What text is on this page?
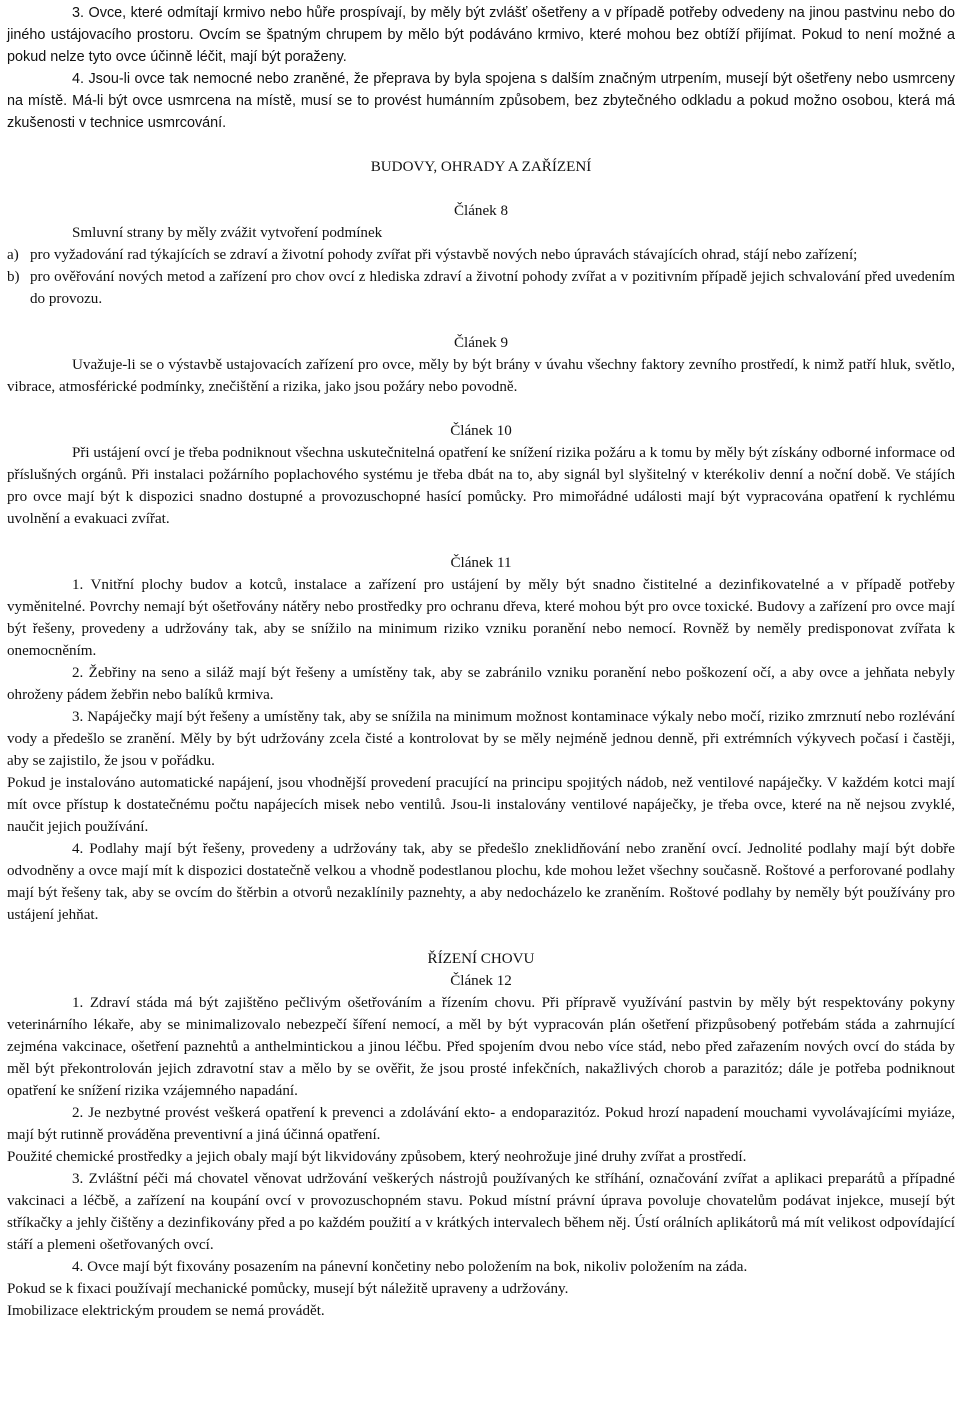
3. Ovce, které odmítají krmivo nebo hůře prospívají, by měly být zvlášť ošetřeny a v případě potřeby odvedeny na jinou pastvinu nebo do jiného ustájovacího prostoru. Ovcím se špatným chrupem by mělo být podáváno krmivo, které mohou bez obtíží přijímat. Pokud to není možné a pokud nelze tyto ovce účinně léčit, mají být poraženy.

4. Jsou-li ovce tak nemocné nebo zraněné, že přeprava by byla spojena s dalším značným utrpením, musejí být ošetřeny nebo usmrceny na místě. Má-li být ovce usmrcena na místě, musí se to provést humánním způsobem, bez zbytečného odkladu a pokud možno osobou, která má zkušenosti v technice usmrcování.

BUDOVY, OHRADY A ZAŘÍZENÍ

Článek 8

Smluvní strany by měly zvážit vytvoření podmínek

a) pro vyžadování rad týkajících se zdraví a životní pohody zvířat při výstavbě nových nebo úpravách stávajících ohrad, stájí nebo zařízení;
b) pro ověřování nových metod a zařízení pro chov ovcí z hlediska zdraví a životní pohody zvířat a v pozitivním případě jejich schvalování před uvedením do provozu.

Článek 9

Uvažuje-li se o výstavbě ustajovacích zařízení pro ovce, měly by být brány v úvahu všechny faktory zevního prostředí, k nimž patří hluk, světlo, vibrace, atmosférické podmínky, znečištění a rizika, jako jsou požáry nebo povodně.

Článek 10

Při ustájení ovcí je třeba podniknout všechna uskutečnitelná opatření ke snížení rizika požáru a k tomu by měly být získány odborné informace od příslušných orgánů. Při instalaci požárního poplachového systému je třeba dbát na to, aby signál byl slyšitelný v kterékoliv denní a noční době. Ve stájích pro ovce mají být k dispozici snadno dostupné a provozuschopné hasící pomůcky. Pro mimořádné události mají být vypracována opatření k rychlému uvolnění a evakuaci zvířat.

Článek 11

1. Vnitřní plochy budov a kotců, instalace a zařízení pro ustájení by měly být snadno čistitelné a dezinfikovatelné a v případě potřeby vyměnitelné. Povrchy nemají být ošetřovány nátěry nebo prostředky pro ochranu dřeva, které mohou být pro ovce toxické. Budovy a zařízení pro ovce mají být řešeny, provedeny a udržovány tak, aby se snížilo na minimum riziko vzniku poranění nebo nemocí. Rovněž by neměly predisponovat zvířata k onemocněním.

2. Žebřiny na seno a siláž mají být řešeny a umístěny tak, aby se zabránilo vzniku poranění nebo poškození očí, a aby ovce a jehňata nebyly ohroženy pádem žebřin nebo balíků krmiva.

3. Napáječky mají být řešeny a umístěny tak, aby se snížila na minimum možnost kontaminace výkaly nebo močí, riziko zmrznutí nebo rozlévání vody a předešlo se zranění. Měly by být udržovány zcela čisté a kontrolovat by se měly nejméně jednou denně, při extrémních výkyvech počasí i častěji, aby se zajistilo, že jsou v pořádku.

Pokud je instalováno automatické napájení, jsou vhodnější provedení pracující na principu spojitých nádob, než ventilové napáječky. V každém kotci mají mít ovce přístup k dostatečnému počtu napájecích misek nebo ventilů. Jsou-li instalovány ventilové napáječky, je třeba ovce, které na ně nejsou zvyklé, naučit jejich používání.

4. Podlahy mají být řešeny, provedeny a udržovány tak, aby se předešlo zneklidňování nebo zranění ovcí. Jednolité podlahy mají být dobře odvodněny a ovce mají mít k dispozici dostatečně velkou a vhodně podestlanou plochu, kde mohou ležet všechny současně. Roštové a perforované podlahy mají být řešeny tak, aby se ovcím do štěrbin a otvorů nezaklínily paznehty, a aby nedocházelo ke zraněním. Roštové podlahy by neměly být používány pro ustájení jehňat.

ŘÍZENÍ CHOVU

Článek 12

1. Zdraví stáda má být zajištěno pečlivým ošetřováním a řízením chovu. Při přípravě využívání pastvin by měly být respektovány pokyny veterinárního lékaře, aby se minimalizovalo nebezpečí šíření nemocí, a měl by být vypracován plán ošetření přizpůsobený potřebám stáda a zahrnující zejména vakcinace, ošetření paznehtů a anthelmintickou a jinou léčbu. Před spojením dvou nebo více stád, nebo před zařazením nových ovcí do stáda by měl být překontrolován jejich zdravotní stav a mělo by se ověřit, že jsou prosté infekčních, nakažlivých chorob a parazitóz; dále je potřeba podniknout opatření ke snížení rizika vzájemného napadání.

2. Je nezbytné provést veškerá opatření k prevenci a zdolávání ekto- a endoparazitóz. Pokud hrozí napadení mouchami vyvolávajícími myiáze, mají být rutinně prováděna preventivní a jiná účinná opatření.

Použité chemické prostředky a jejich obaly mají být likvidovány způsobem, který neohrožuje jiné druhy zvířat a prostředí.

3. Zvláštní péči má chovatel věnovat udržování veškerých nástrojů používaných ke stříhání, označování zvířat a aplikaci preparátů a případné vakcinaci a léčbě, a zařízení na koupání ovcí v provozuschopném stavu. Pokud místní právní úprava povoluje chovatelům podávat injekce, musejí být stříkačky a jehly čištěny a dezinfikovány před a po každém použití a v krátkých intervalech během něj. Ústí orálních aplikátorů má mít velikost odpovídající stáří a plemeni ošetřovaných ovcí.

4. Ovce mají být fixovány posazením na pánevní končetiny nebo položením na bok, nikoliv položením na záda.

Pokud se k fixaci používají mechanické pomůcky, musejí být náležitě upraveny a udržovány.

Imobilizace elektrickým proudem se nemá provádět.
